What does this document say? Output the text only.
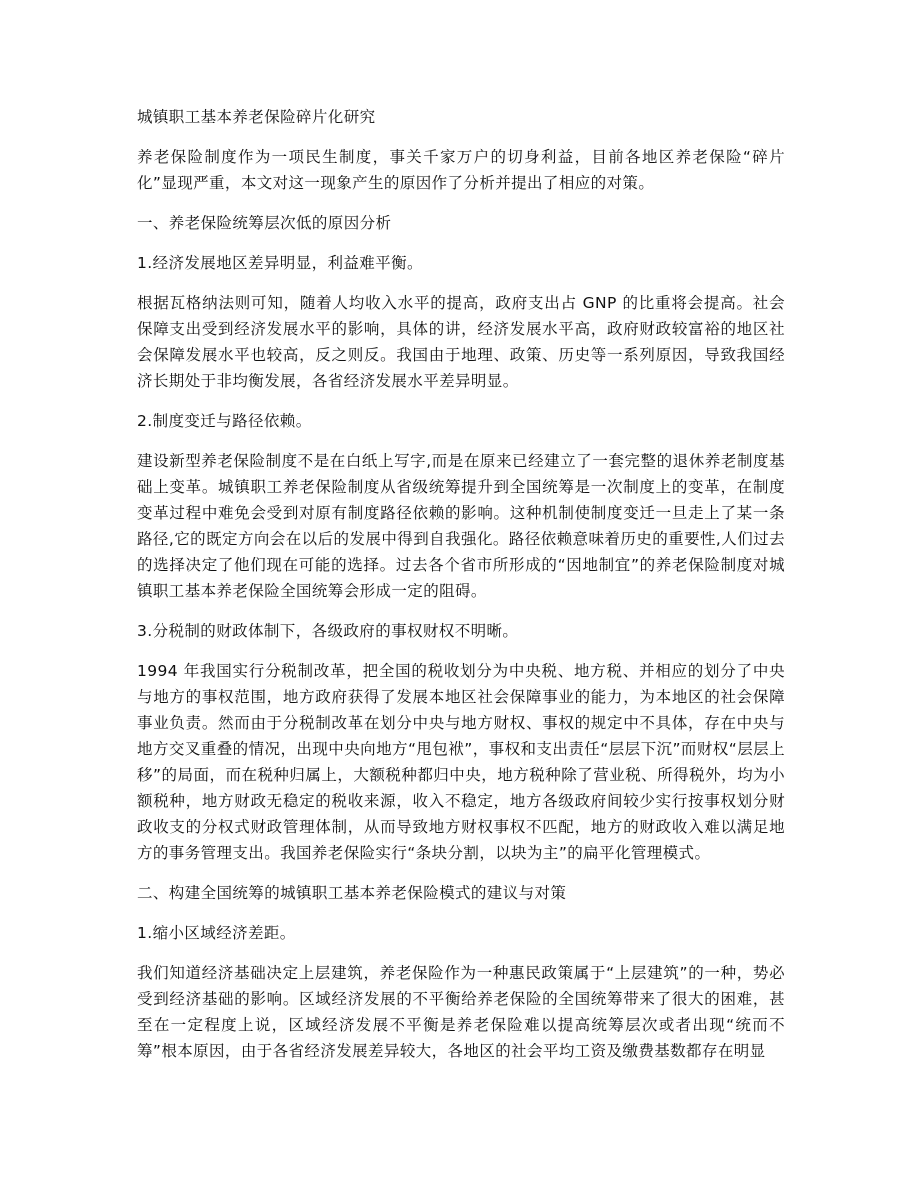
城镇职工基本养老保险碎片化研究

养老保险制度作为一项民生制度，事关千家万户的切身利益，目前各地区养老保险“碎片化”显现严重，本文对这一现象产生的原因作了分析并提出了相应的对策。

一、养老保险统筹层次低的原因分析

1.经济发展地区差异明显，利益难平衡。

根据瓦格纳法则可知，随着人均收入水平的提高，政府支出占 GNP 的比重将会提高。社会保障支出受到经济发展水平的影响，具体的讲，经济发展水平高，政府财政较富裕的地区社会保障发展水平也较高，反之则反。我国由于地理、政策、历史等一系列原因，导致我国经济长期处于非均衡发展，各省经济发展水平差异明显。

2.制度变迁与路径依赖。

建设新型养老保险制度不是在白纸上写字,而是在原来已经建立了一套完整的退休养老制度基础上变革。城镇职工养老保险制度从省级统筹提升到全国统筹是一次制度上的变革，在制度变革过程中难免会受到对原有制度路径依赖的影响。这种机制使制度变迁一旦走上了某一条路径,它的既定方向会在以后的发展中得到自我强化。路径依赖意味着历史的重要性,人们过去的选择决定了他们现在可能的选择。过去各个省市所形成的“因地制宜”的养老保险制度对城镇职工基本养老保险全国统筹会形成一定的阻碍。

3.分税制的财政体制下，各级政府的事权财权不明晰。

1994 年我国实行分税制改革，把全国的税收划分为中央税、地方税、并相应的划分了中央与地方的事权范围，地方政府获得了发展本地区社会保障事业的能力，为本地区的社会保障事业负责。然而由于分税制改革在划分中央与地方财权、事权的规定中不具体，存在中央与地方交叉重叠的情况，出现中央向地方“甩包袱”，事权和支出责任“层层下沉”而财权“层层上移”的局面，而在税种归属上，大额税种都归中央，地方税种除了营业税、所得税外，均为小额税种，地方财政无稳定的税收来源，收入不稳定，地方各级政府间较少实行按事权划分财政收支的分权式财政管理体制，从而导致地方财权事权不匹配，地方的财政收入难以满足地方的事务管理支出。我国养老保险实行“条块分割，以块为主”的扁平化管理模式。

二、构建全国统筹的城镇职工基本养老保险模式的建议与对策

1.缩小区域经济差距。

我们知道经济基础决定上层建筑，养老保险作为一种惠民政策属于“上层建筑”的一种，势必受到经济基础的影响。区域经济发展的不平衡给养老保险的全国统筹带来了很大的困难，甚至在一定程度上说，区域经济发展不平衡是养老保险难以提高统筹层次或者出现“统而不筹”根本原因，由于各省经济发展差异较大，各地区的社会平均工资及缴费基数都存在明显
